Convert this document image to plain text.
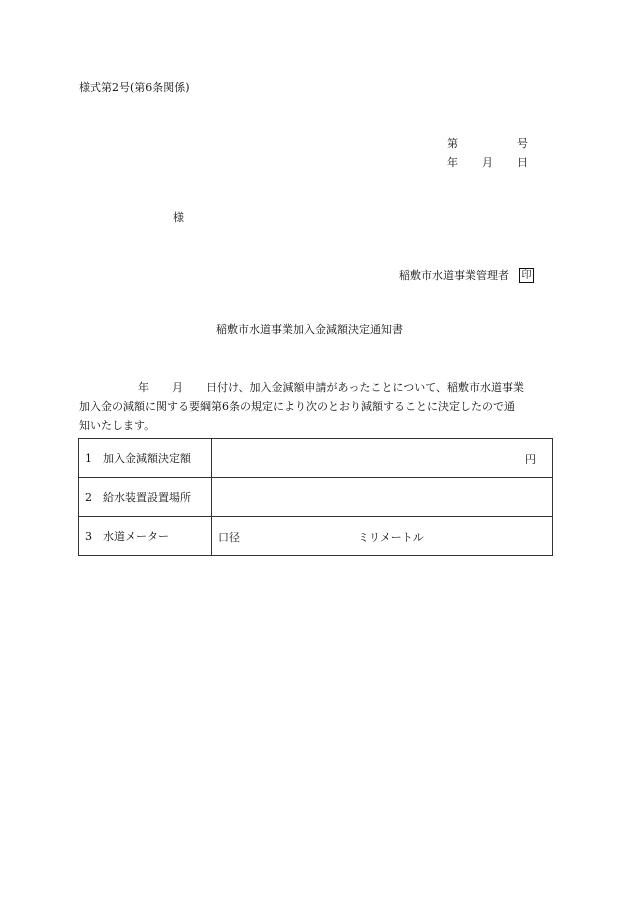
様式第2号(第6条関係)
第	号
年 月 日
様
稲敷市水道事業管理者 印
稲敷市水道事業加入金減額決定通知書
年 月 日付け、加入金減額申請があったことについて、稲敷市水道事業
加入金の減額に関する要綱第6条の規定により次のとおり減額することに決定したので通
知いたします。
1 加入金減額決定額	円

2 給水装置設置場所	
3 水道メーター	口径 ミリメートル
